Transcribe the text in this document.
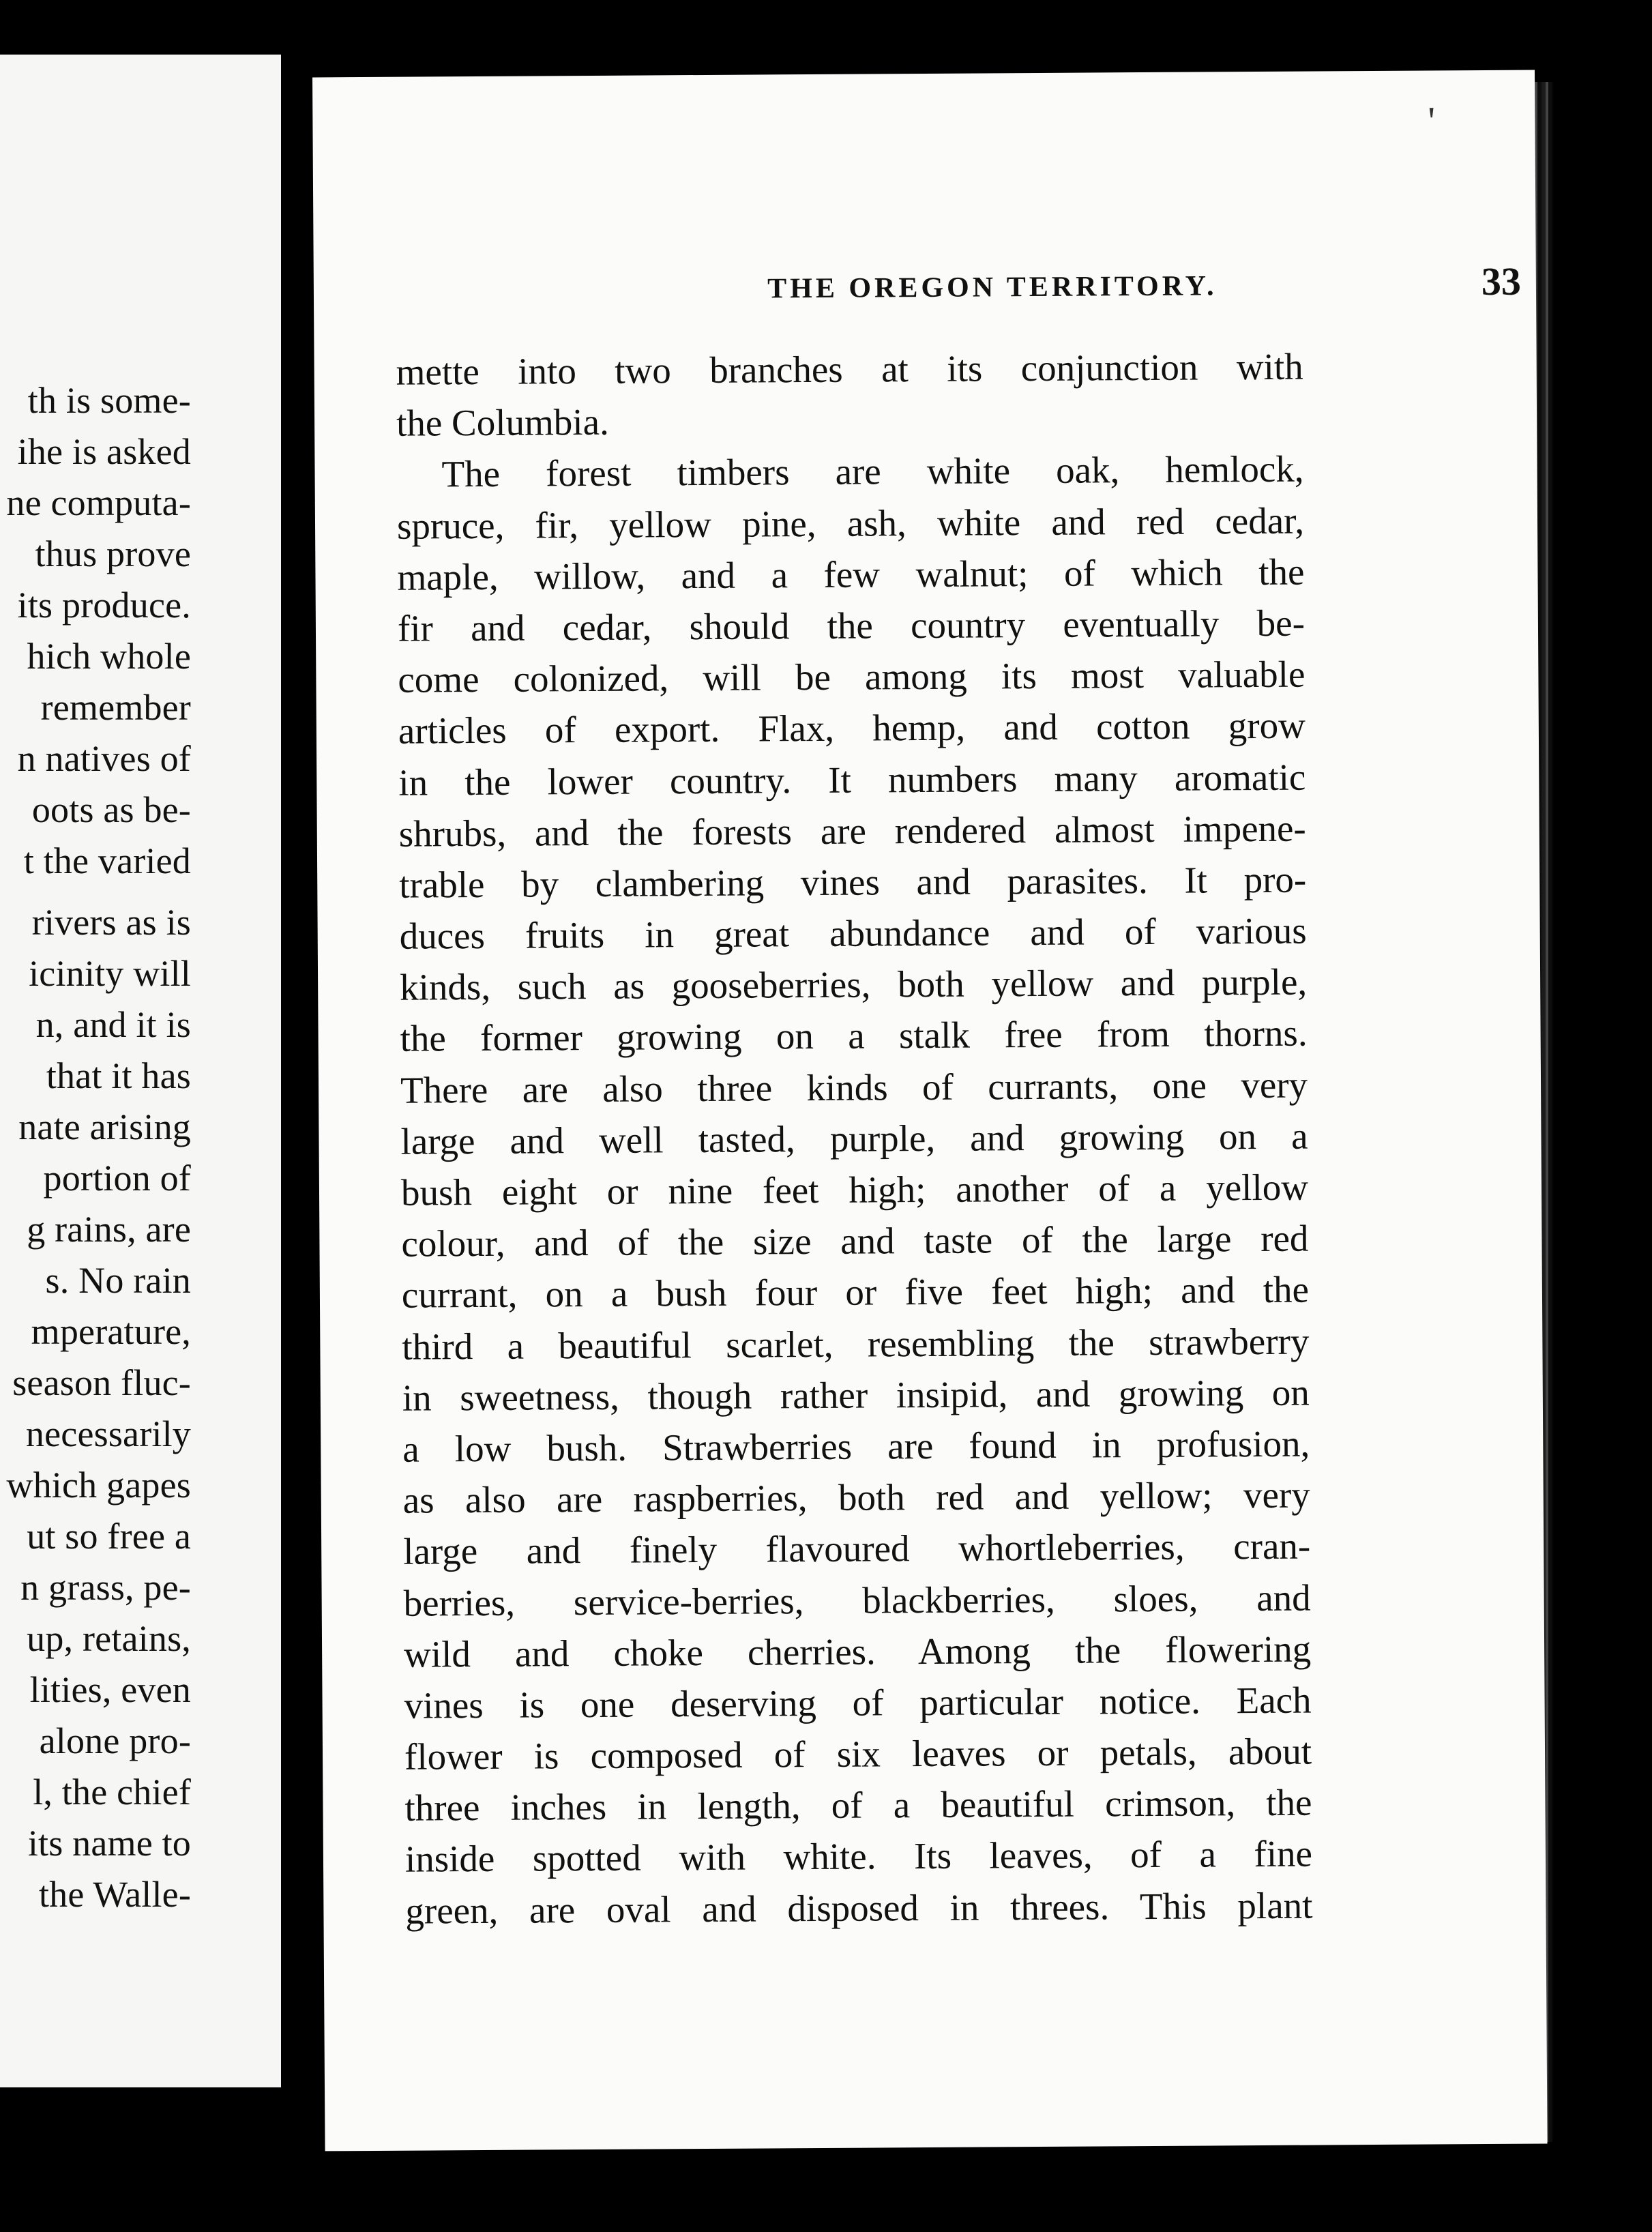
th is some-
ihe is asked
ne computa-
thus prove
its produce.
hich whole
remember
n natives of
oots as be-
t the varied
rivers as is
icinity will
n, and it is
that it has
nate arising
portion of
g rains, are
s. No rain
mperature,
season fluc-
necessarily
which gapes
ut so free a
n grass, pe-
up, retains,
lities, even
alone pro-
l, the chief
its name to
the Walle-
'
THE OREGON TERRITORY.	33
mette into two branches at its conjunction with
the Columbia.
The forest timbers are white oak, hemlock,
spruce, fir, yellow pine, ash, white and red cedar,
maple, willow, and a few walnut; of which the
fir and cedar, should the country eventually be-
come colonized, will be among its most valuable
articles of export. Flax, hemp, and cotton grow
in the lower country. It numbers many aromatic
shrubs, and the forests are rendered almost impene-
trable by clambering vines and parasites. It pro-
duces fruits in great abundance and of various
kinds, such as gooseberries, both yellow and purple,
the former growing on a stalk free from thorns.
There are also three kinds of currants, one very
large and well tasted, purple, and growing on a
bush eight or nine feet high; another of a yellow
colour, and of the size and taste of the large red
currant, on a bush four or five feet high; and the
third a beautiful scarlet, resembling the strawberry
in sweetness, though rather insipid, and growing on
a low bush. Strawberries are found in profusion,
as also are raspberries, both red and yellow; very
large and finely flavoured whortleberries, cran-
berries, service-berries, blackberries, sloes, and
wild and choke cherries. Among the flowering
vines is one deserving of particular notice. Each
flower is composed of six leaves or petals, about
three inches in length, of a beautiful crimson, the
inside spotted with white. Its leaves, of a fine
green, are oval and disposed in threes. This plant
